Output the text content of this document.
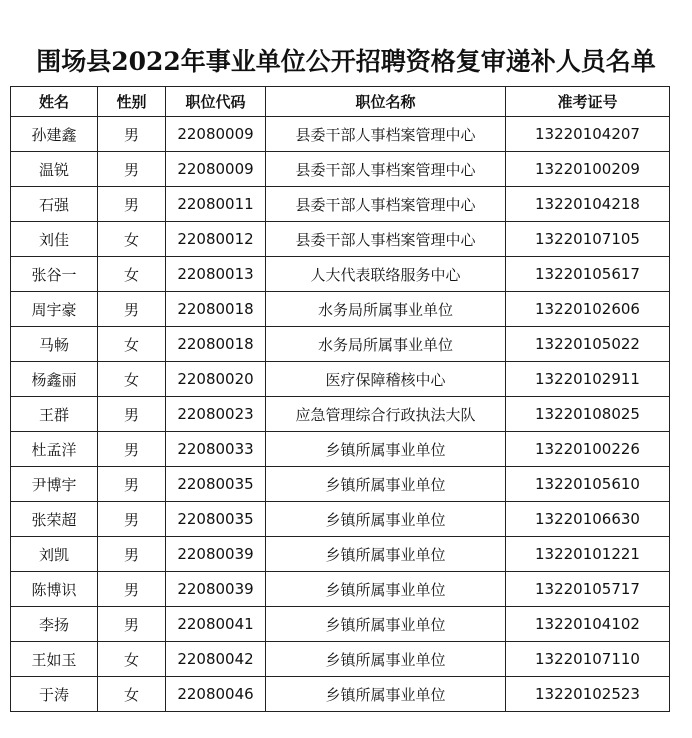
围场县2022年事业单位公开招聘资格复审递补人员名单
姓名	性别	职位代码	职位名称	准考证号
孙建鑫	男	22080009	县委干部人事档案管理中心	13220104207
温锐	男	22080009	县委干部人事档案管理中心	13220100209
石强	男	22080011	县委干部人事档案管理中心	13220104218
刘佳	女	22080012	县委干部人事档案管理中心	13220107105
张谷一	女	22080013	人大代表联络服务中心	13220105617
周宇豪	男	22080018	水务局所属事业单位	13220102606
马畅	女	22080018	水务局所属事业单位	13220105022
杨鑫丽	女	22080020	医疗保障稽核中心	13220102911
王群	男	22080023	应急管理综合行政执法大队	13220108025
杜孟洋	男	22080033	乡镇所属事业单位	13220100226
尹博宇	男	22080035	乡镇所属事业单位	13220105610
张荣超	男	22080035	乡镇所属事业单位	13220106630
刘凯	男	22080039	乡镇所属事业单位	13220101221
陈博识	男	22080039	乡镇所属事业单位	13220105717
李扬	男	22080041	乡镇所属事业单位	13220104102
王如玉	女	22080042	乡镇所属事业单位	13220107110
于涛	女	22080046	乡镇所属事业单位	13220102523
